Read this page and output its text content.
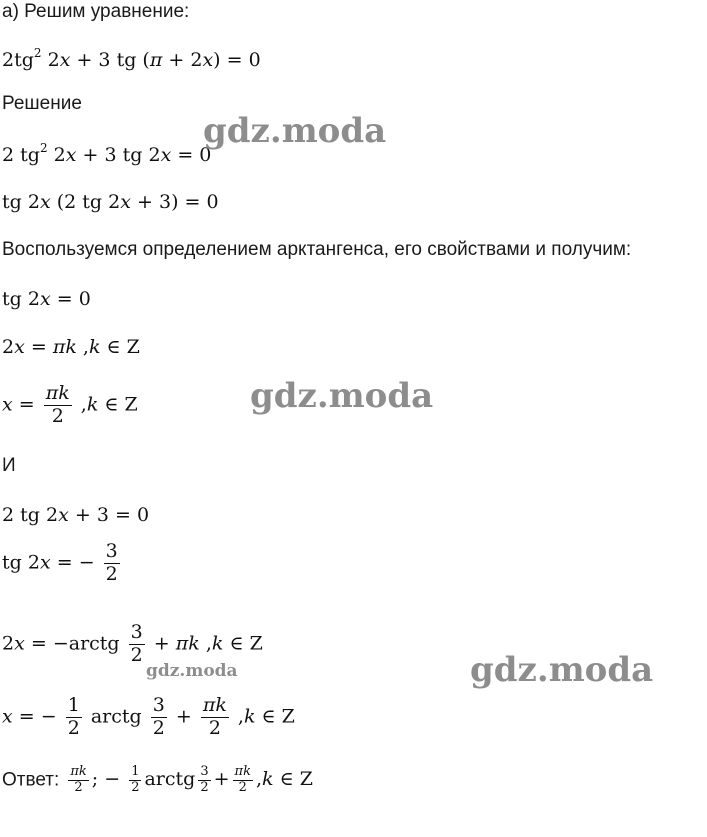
а) Решим уравнение:
$2tg^2$ 2x + 3 tg (π + 2x) = 0
Решение
2 $tg^2$ 2x + 3 tg 2x = 0
tg 2x (2 tg 2x + 3) = 0
Воспользуемся определением арктангенса, его свойствами и получим:
tg 2x = 0
2x = πk ,k ∈ Z
$x = \frac{\pi k}{2} ,k$ ∈ Z
И
2 tg 2x + 3 = 0
tg 2x = − $\frac{3}{2}$
2x = −arctg $\frac{3}{2} + \pi k$ ,k ∈ Z
x = − $\frac{1}{2}$ arctg $\frac{3}{2} + \frac{\pi k}{2} ,k$ ∈ Z
Ответ: $\frac{\pi k}{2}$ ; − $\frac{1}{2}$ arctg $\frac{3}{2} + \frac{\pi k}{2} ,k$ ∈ Z
gdz.moda
gdz.moda
gdz.moda	gdz.moda
